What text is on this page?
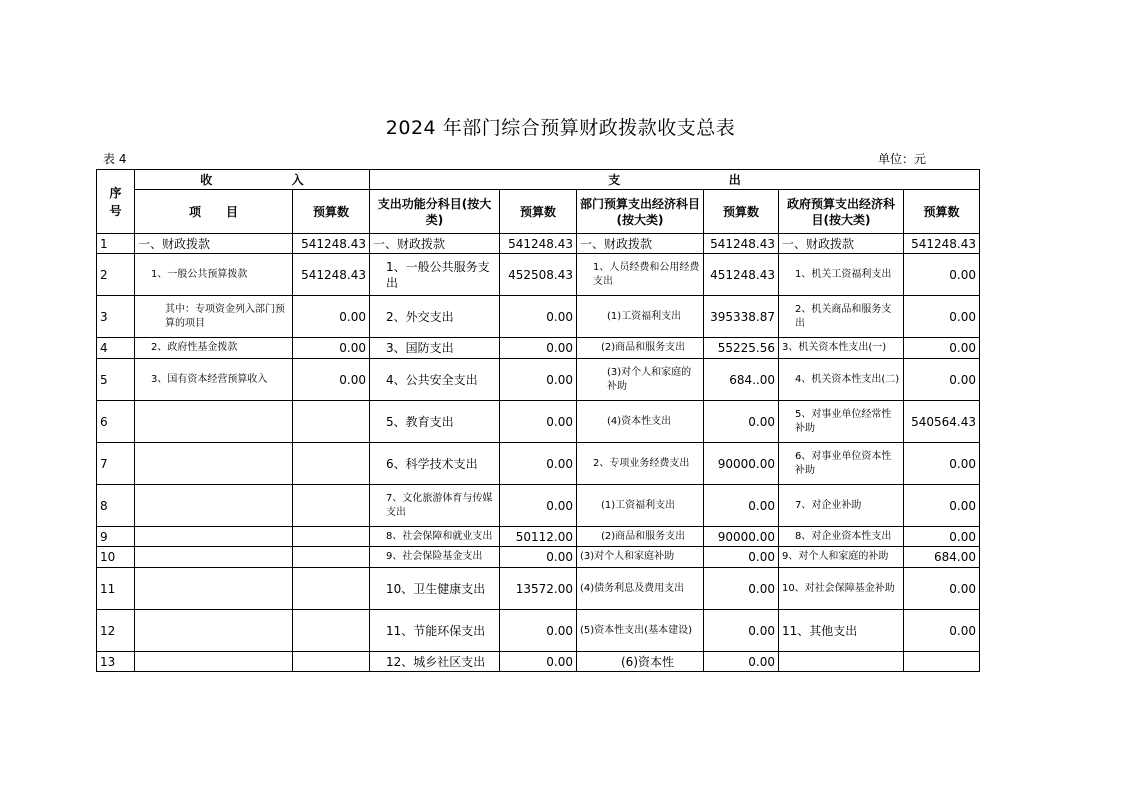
2024 年部门综合预算财政拨款收支总表
表 4	单位：元
序
号	收                   入		支                          出					
	项      目	预算数	支出功能分科目(按大类)	预算数	部门预算支出经济科目(按大类)	预算数	政府预算支出经济科目(按大类)	预算数
1	一、财政拨款	541248.43	一、财政拨款	541248.43	一、财政拨款	541248.43	一、财政拨款	541248.43
2	1、一般公共预算拨款	541248.43	1、一般公共服务支出	452508.43	1、人员经费和公用经费支出	451248.43	1、机关工资福利支出	0.00
3	其中：专项资金列入部门预算的项目	0.00	2、外交支出	0.00	(1)工资福利支出	395338.87	2、机关商品和服务支出	0.00
4	2、政府性基金拨款	0.00	3、国防支出	0.00	(2)商品和服务支出	55225.56	3、机关资本性支出(一)	0.00
5	3、国有资本经营预算收入	0.00	4、公共安全支出	0.00	(3)对个人和家庭的补助	684..00	4、机关资本性支出(二)	0.00
6			5、教育支出	0.00	(4)资本性支出	0.00	5、对事业单位经常性补助	540564.43
7			6、科学技术支出	0.00	2、专项业务经费支出	90000.00	6、对事业单位资本性补助	0.00
8			7、文化旅游体育与传媒支出	0.00	(1)工资福利支出	0.00	7、对企业补助	0.00
9			8、社会保障和就业支出	50112.00	(2)商品和服务支出	90000.00	8、对企业资本性支出	0.00
10			9、社会保险基金支出	0.00	(3)对个人和家庭补助	0.00	9、对个人和家庭的补助	684.00
11			10、卫生健康支出	13572.00	(4)债务利息及费用支出	0.00	10、对社会保障基金补助	0.00
12			11、节能环保支出	0.00	(5)资本性支出(基本建设)	0.00	11、其他支出	0.00
13			12、城乡社区支出	0.00	(6)资本性	0.00		
